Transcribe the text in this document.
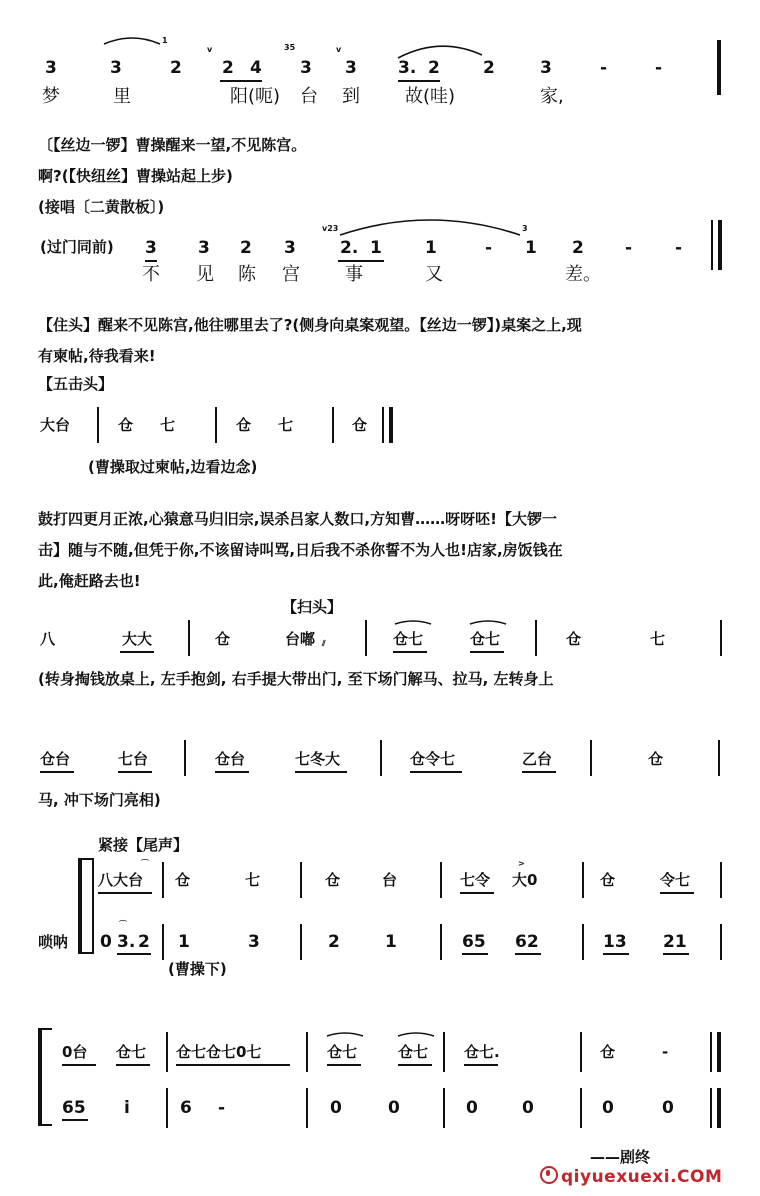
1
35
v	v
3	3	2 2 4 3 3 3. 2	2	3	-	-
梦	里	阳(呃) 台 到	故(哇)	家,
〔【丝边一锣】曹操醒来一望,不见陈宫。
啊?(【快纽丝】曹操站起上步)
(接唱〔二黄散板〕)
v23	3
(过门同前) 3 3 2 3	2. 1	1	- 1 2 -	-
不 见 陈 宫	事	又	差。
【住头】醒来不见陈宫,他往哪里去了?(侧身向桌案观望。【丝边一锣】)桌案之上,现
有柬帖,待我看来!
【五击头】
大台	仓 七	仓 七	仓
(曹操取过柬帖,边看边念)
鼓打四更月正浓,心猿意马归旧宗,误杀吕家人数口,方知曹……呀呀呸!【大锣一
击】随与不随,但凭于你,不该留诗叫骂,日后我不杀你誓不为人也!店家,房饭钱在
此,俺赶路去也!
【扫头】
八	大大	仓	台嘟 ⫽	仓七	仓七	仓	七
(转身掏钱放桌上, 左手抱剑, 右手提大带出门, 至下场门解马、拉马, 左转身上
仓台	七台	仓台	七冬大	仓令七	乙台	仓
马, 冲下场门亮相)
紧接【尾声】
唢呐
八大台
⌒
仓	七	仓	台	七令
>
大0	仓	令七
0 3. 2
⌒
1	3	2	1	65 62	13 21
(曹操下)
0台 仓七 仓七仓七0七	仓七	仓七 仓七.	仓	-
65 i	6 -	0	0	0	0	0	0
——剧终
qiyuexuexi.COM
